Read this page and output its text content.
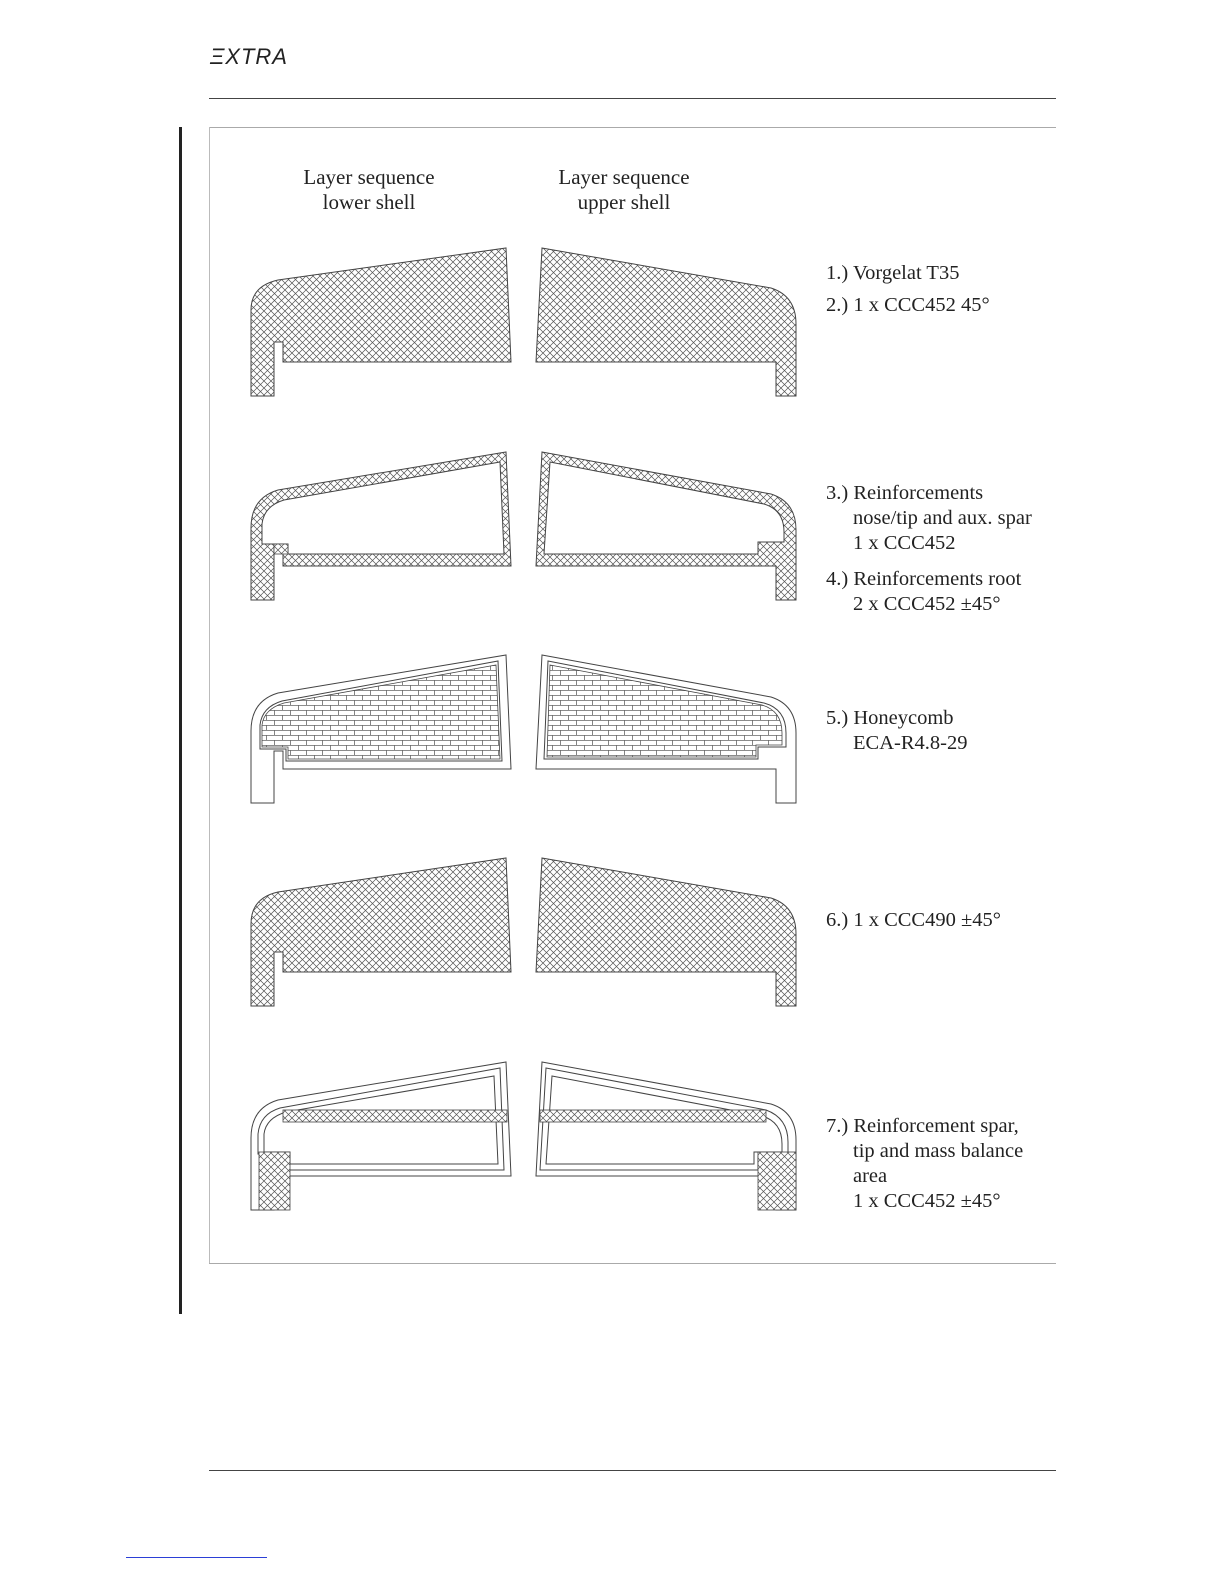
ΞXTRA
Layer sequence
lower shell
Layer sequence
upper shell
1.) Vorgelat T35
2.) 1 x CCC452 45°
3.) Reinforcements
nose/tip and aux. spar
1 x CCC452
4.) Reinforcements root
2 x CCC452 ±45°
5.) Honeycomb
ECA-R4.8-29
6.) 1 x CCC490 ±45°
7.) Reinforcement spar,
tip and mass balance
area
1 x CCC452 ±45°
